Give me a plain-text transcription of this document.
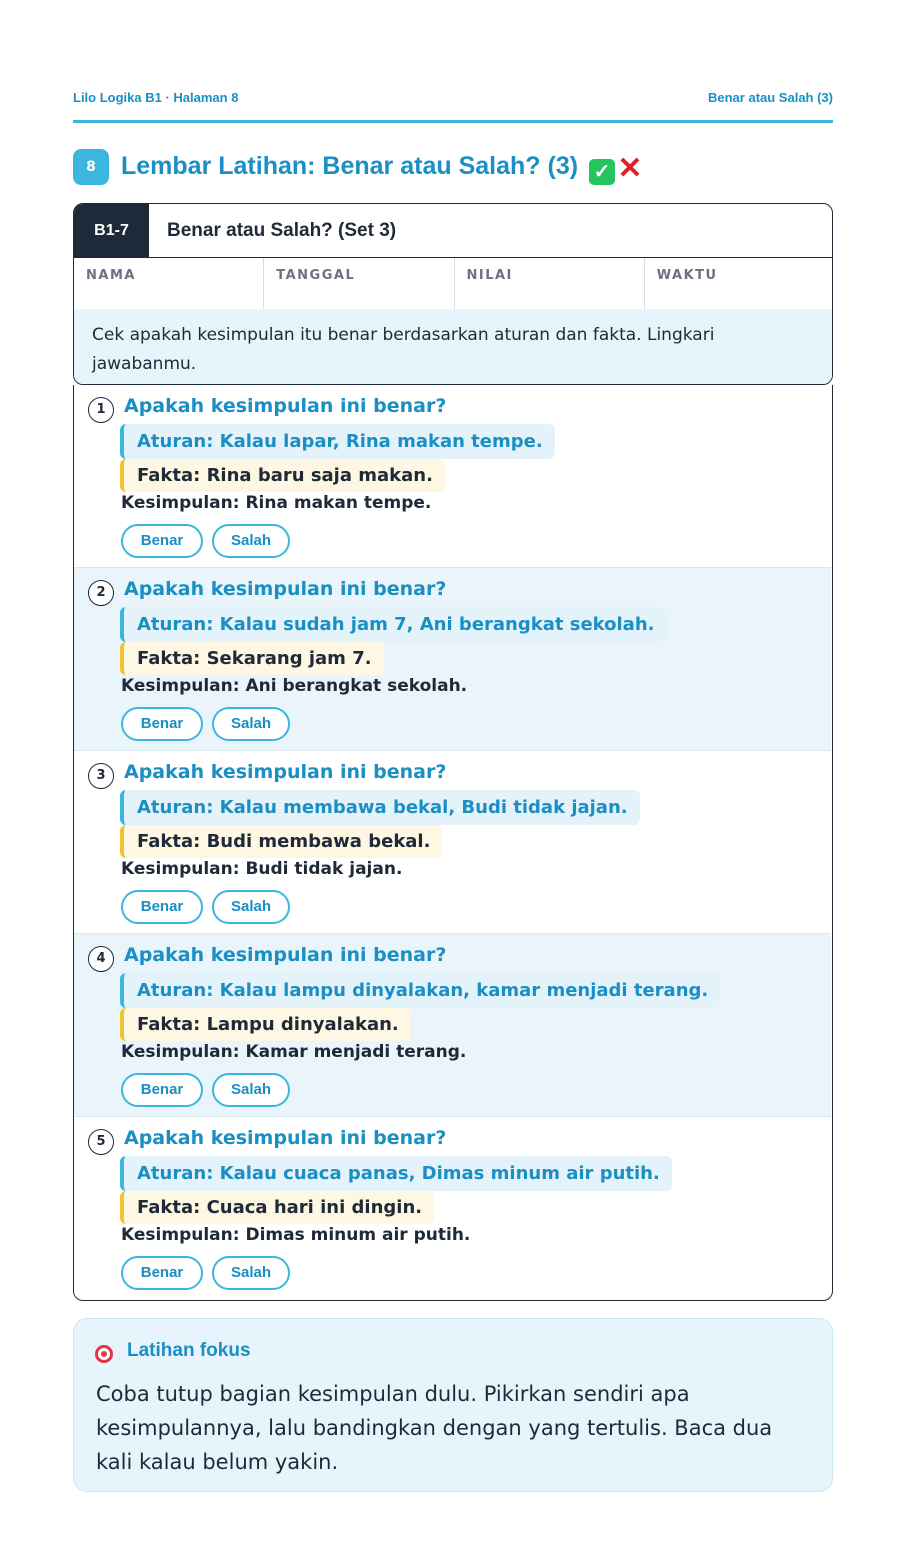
Lilo Logika B1 · Halaman 8	Benar atau Salah (3)
8	Lembar Latihan: Benar atau Salah? (3) ✓ ✕
B1-7	Benar atau Salah? (Set 3)
NAMA	TANGGAL	NILAI	WAKTU
Cek apakah kesimpulan itu benar berdasarkan aturan dan fakta. Lingkari jawabanmu.
1 Apakah kesimpulan ini benar?
Aturan: Kalau lapar, Rina makan tempe.
Fakta: Rina baru saja makan.
Kesimpulan: Rina makan tempe.
Benar	Salah
2 Apakah kesimpulan ini benar?
Aturan: Kalau sudah jam 7, Ani berangkat sekolah.
Fakta: Sekarang jam 7.
Kesimpulan: Ani berangkat sekolah.
Benar	Salah
3 Apakah kesimpulan ini benar?
Aturan: Kalau membawa bekal, Budi tidak jajan.
Fakta: Budi membawa bekal.
Kesimpulan: Budi tidak jajan.
Benar	Salah
4 Apakah kesimpulan ini benar?
Aturan: Kalau lampu dinyalakan, kamar menjadi terang.
Fakta: Lampu dinyalakan.
Kesimpulan: Kamar menjadi terang.
Benar	Salah
5 Apakah kesimpulan ini benar?
Aturan: Kalau cuaca panas, Dimas minum air putih.
Fakta: Cuaca hari ini dingin.
Kesimpulan: Dimas minum air putih.
Benar	Salah
Latihan fokus
Coba tutup bagian kesimpulan dulu. Pikirkan sendiri apa kesimpulannya, lalu bandingkan dengan yang tertulis. Baca dua kali kalau belum yakin.
